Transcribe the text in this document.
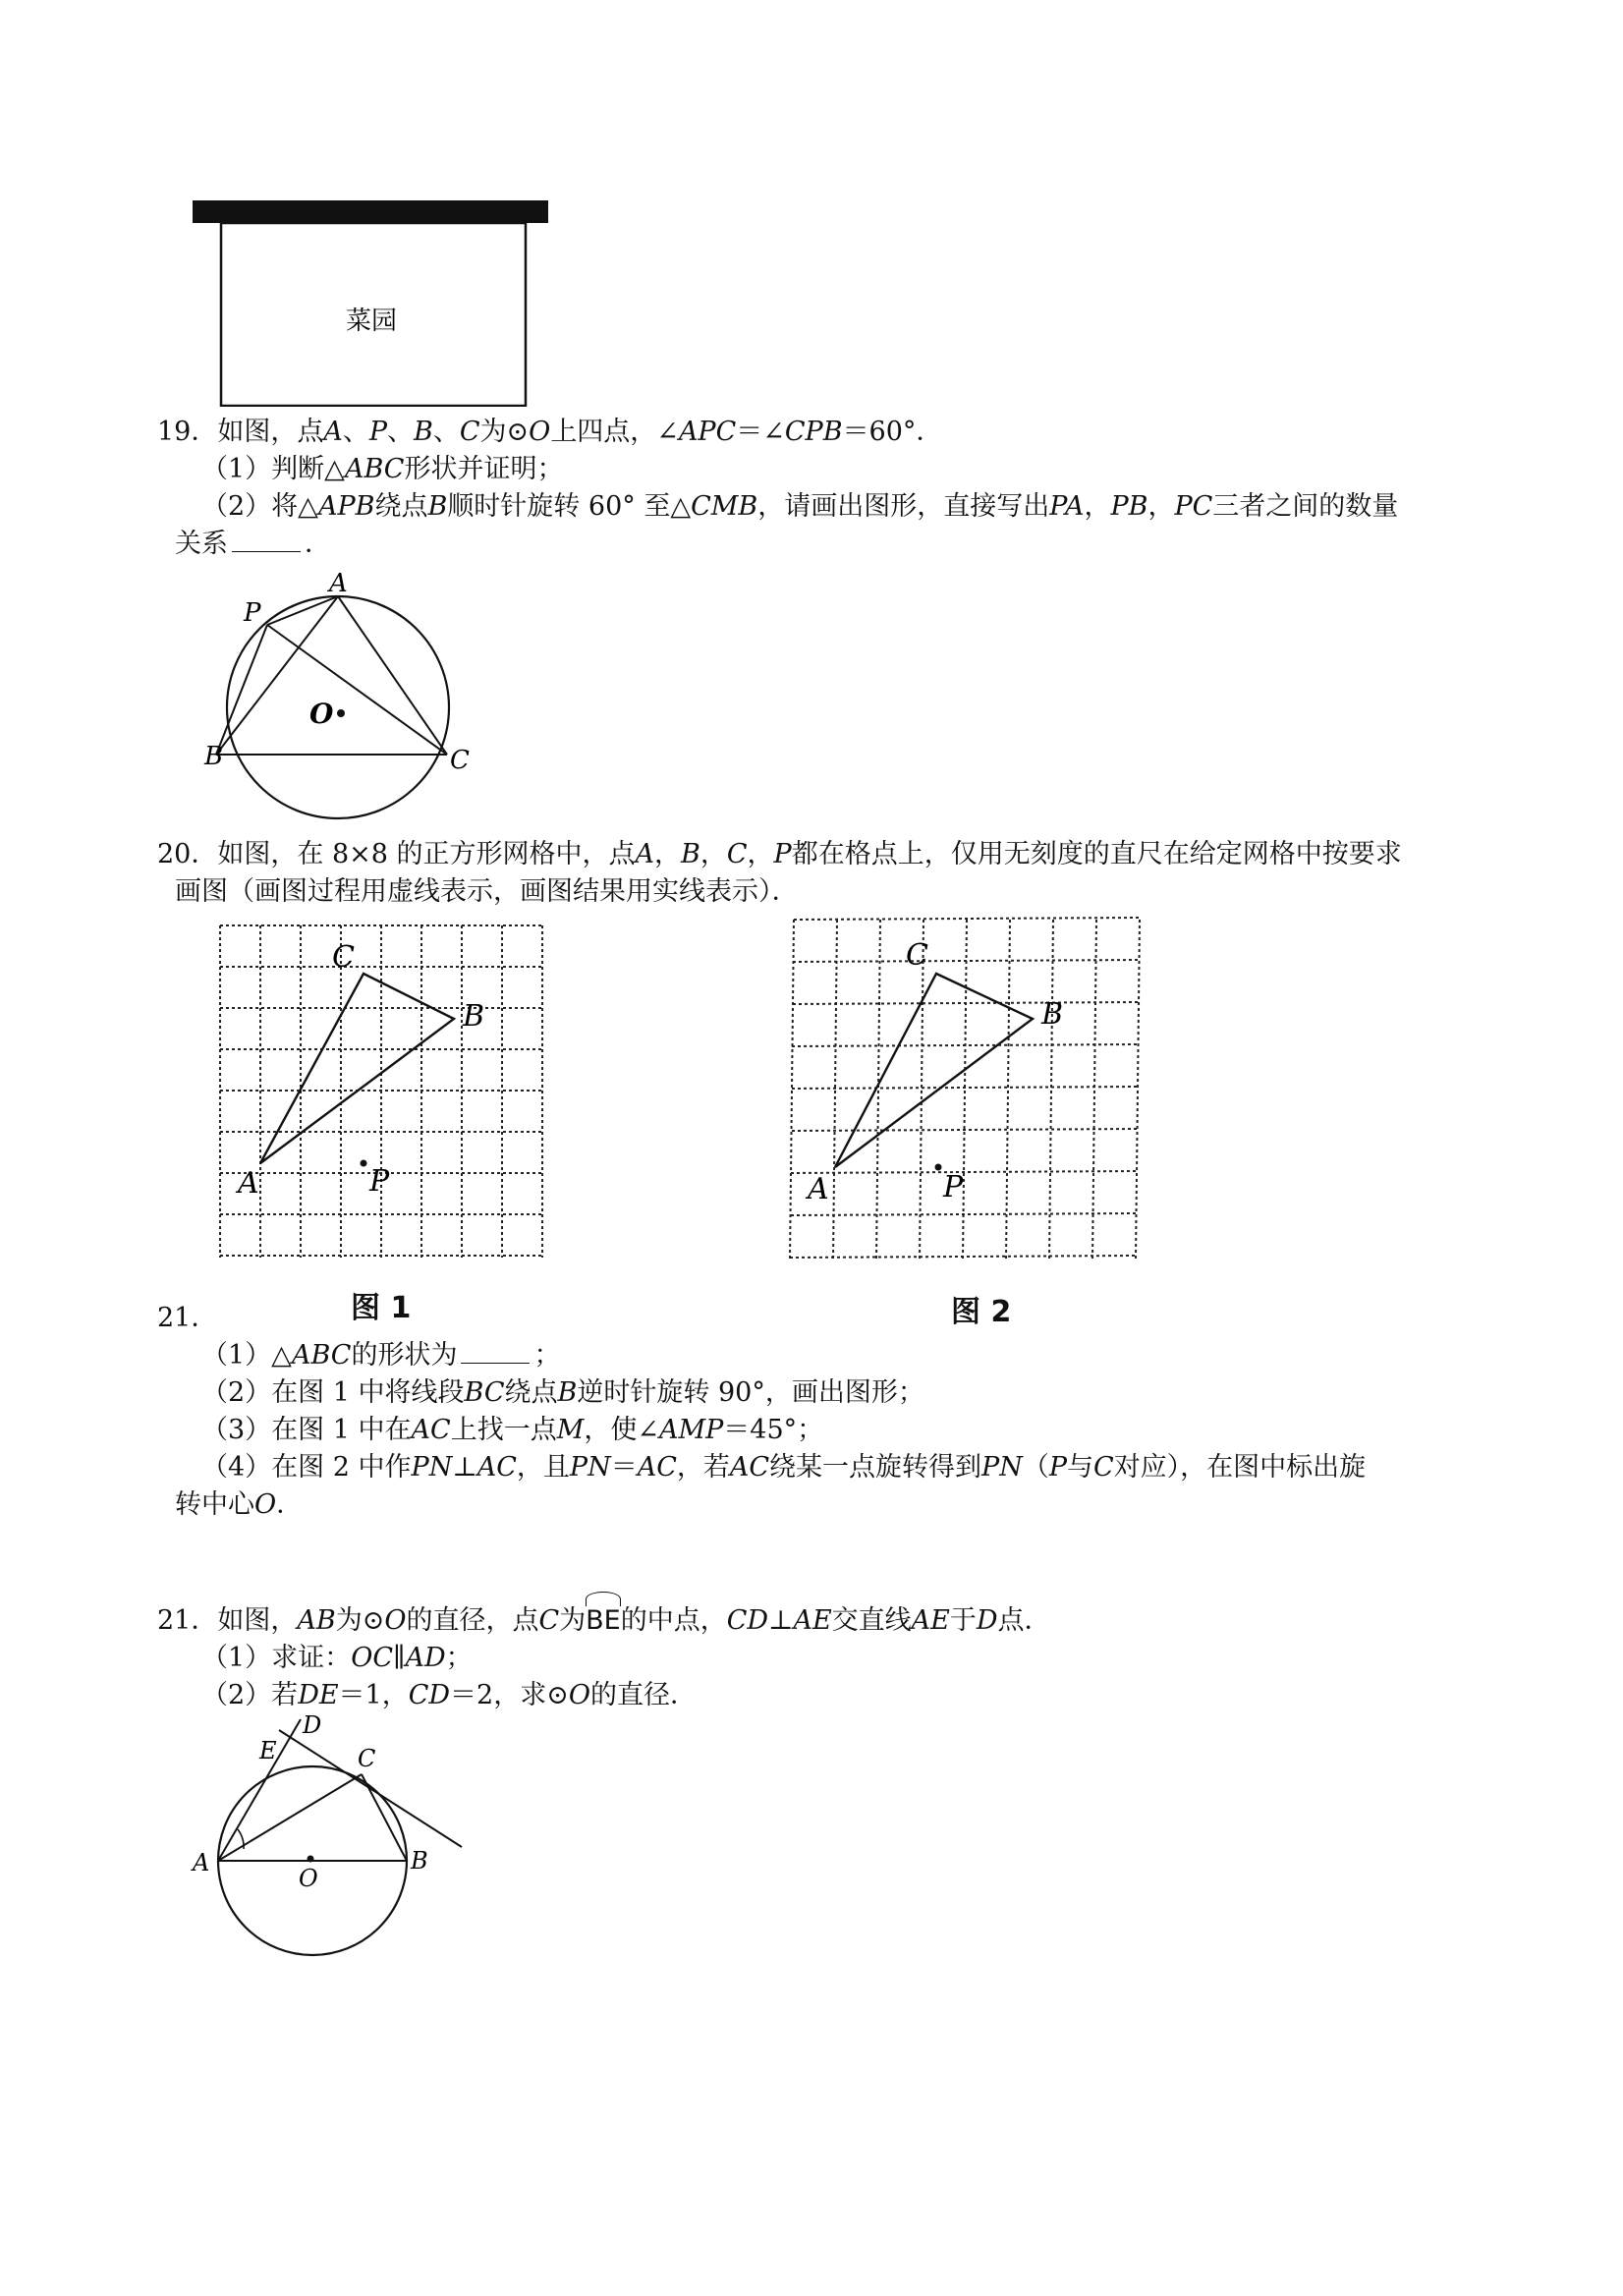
菜园
19．如图，点A、P、B、C为⊙O上四点，∠APC＝∠CPB＝60°．
（1）判断△ABC形状并证明；
（2）将△APB绕点B顺时针旋转 60° 至△CMB，请画出图形，直接写出PA，PB，PC三者之间的数量
关系	．
A
P
O
B	C
20．如图，在 8×8 的正方形网格中，点A，B，C，P都在格点上，仅用无刻度的直尺在给定网格中按要求
画图（画图过程用虚线表示，画图结果用实线表示）．
C
B
A	P
图 1
C
B
A	P
图 2
21．
（1）△ABC的形状为	；
（2）在图 1 中将线段BC绕点B逆时针旋转 90°，画出图形；
（3）在图 1 中在AC上找一点M，使∠AMP＝45°；
（4）在图 2 中作PN⊥AC，且PN＝AC，若AC绕某一点旋转得到PN（P与C对应），在图中标出旋
转中心O．
21．如图，AB为⊙O的直径，点C为BE的中点，CD⊥AE交直线AE于D点．
（1）求证：OC∥AD；
（2）若DE＝1，CD＝2，求⊙O的直径．
D
E	C
A
O
B
